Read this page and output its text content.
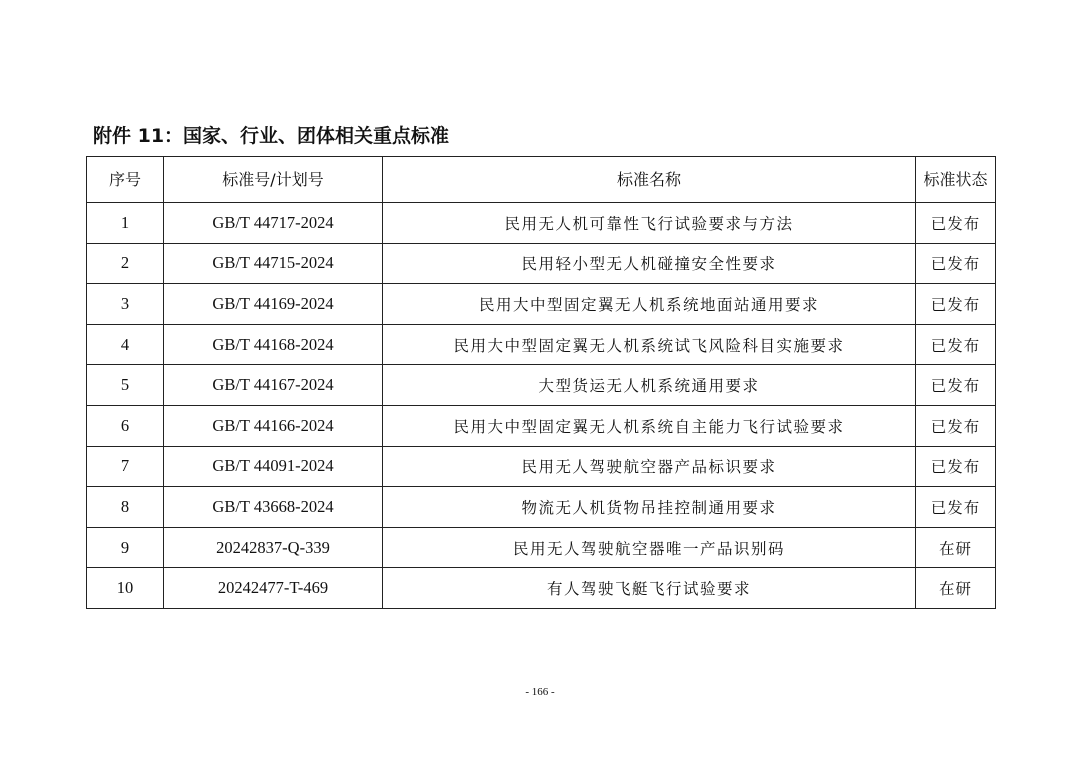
附件 11：国家、行业、团体相关重点标准
序号	标准号/计划号	标准名称	标准状态
1	GB/T 44717-2024	民用无人机可靠性飞行试验要求与方法	已发布
2	GB/T 44715-2024	民用轻小型无人机碰撞安全性要求	已发布
3	GB/T 44169-2024	民用大中型固定翼无人机系统地面站通用要求	已发布
4	GB/T 44168-2024	民用大中型固定翼无人机系统试飞风险科目实施要求	已发布
5	GB/T 44167-2024	大型货运无人机系统通用要求	已发布
6	GB/T 44166-2024	民用大中型固定翼无人机系统自主能力飞行试验要求	已发布
7	GB/T 44091-2024	民用无人驾驶航空器产品标识要求	已发布
8	GB/T 43668-2024	物流无人机货物吊挂控制通用要求	已发布
9	20242837-Q-339	民用无人驾驶航空器唯一产品识别码	在研
10	20242477-T-469	有人驾驶飞艇飞行试验要求	在研
- 166 -
